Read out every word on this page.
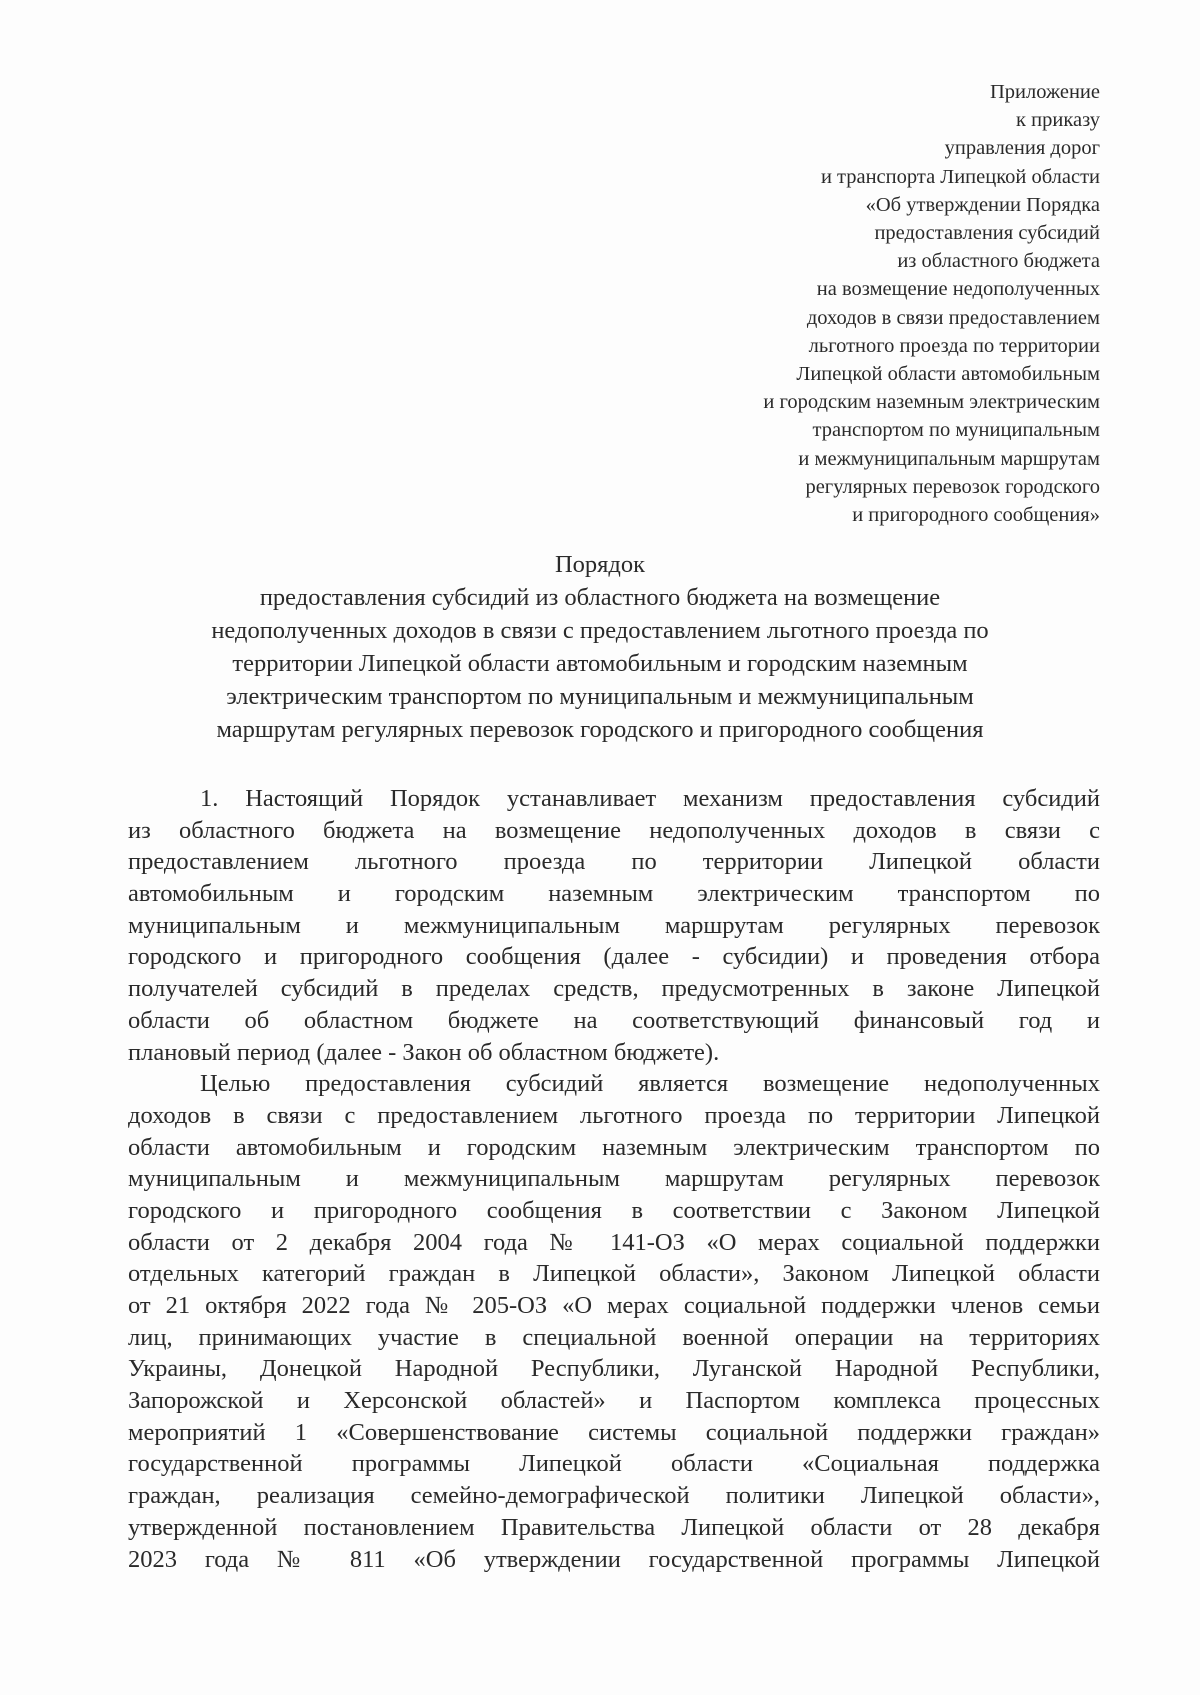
Приложение
к приказу
управления дорог
и транспорта Липецкой области
«Об утверждении Порядка
предоставления субсидий
из областного бюджета
на возмещение недополученных
доходов в связи предоставлением
льготного проезда по территории
Липецкой области автомобильным
и городским наземным электрическим
транспортом по муниципальным
и межмуниципальным маршрутам
регулярных перевозок городского
и пригородного сообщения»
Порядок
предоставления субсидий из областного бюджета на возмещение
недополученных доходов в связи с предоставлением льготного проезда по
территории Липецкой области автомобильным и городским наземным
электрическим транспортом по муниципальным и межмуниципальным
маршрутам регулярных перевозок городского и пригородного сообщения
1. Настоящий Порядок устанавливает механизм предоставления субсидий
из областного бюджета на возмещение недополученных доходов в связи с
предоставлением льготного проезда по территории Липецкой области
автомобильным и городским наземным электрическим транспортом по
муниципальным и межмуниципальным маршрутам регулярных перевозок
городского и пригородного сообщения (далее - субсидии) и проведения отбора
получателей субсидий в пределах средств, предусмотренных в законе Липецкой
области об областном бюджете на соответствующий финансовый год и
плановый период (далее - Закон об областном бюджете).
Целью предоставления субсидий является возмещение недополученных
доходов в связи с предоставлением льготного проезда по территории Липецкой
области автомобильным и городским наземным электрическим транспортом по
муниципальным и межмуниципальным маршрутам регулярных перевозок
городского и пригородного сообщения в соответствии с Законом Липецкой
области от 2 декабря 2004 года № 141-ОЗ «О мерах социальной поддержки
отдельных категорий граждан в Липецкой области», Законом Липецкой области
от 21 октября 2022 года № 205-ОЗ «О мерах социальной поддержки членов семьи
лиц, принимающих участие в специальной военной операции на территориях
Украины, Донецкой Народной Республики, Луганской Народной Республики,
Запорожской и Херсонской областей» и Паспортом комплекса процессных
мероприятий 1 «Совершенствование системы социальной поддержки граждан»
государственной программы Липецкой области «Социальная поддержка
граждан, реализация семейно-демографической политики Липецкой области»,
утвержденной постановлением Правительства Липецкой области от 28 декабря
2023 года № 811 «Об утверждении государственной программы Липецкой
